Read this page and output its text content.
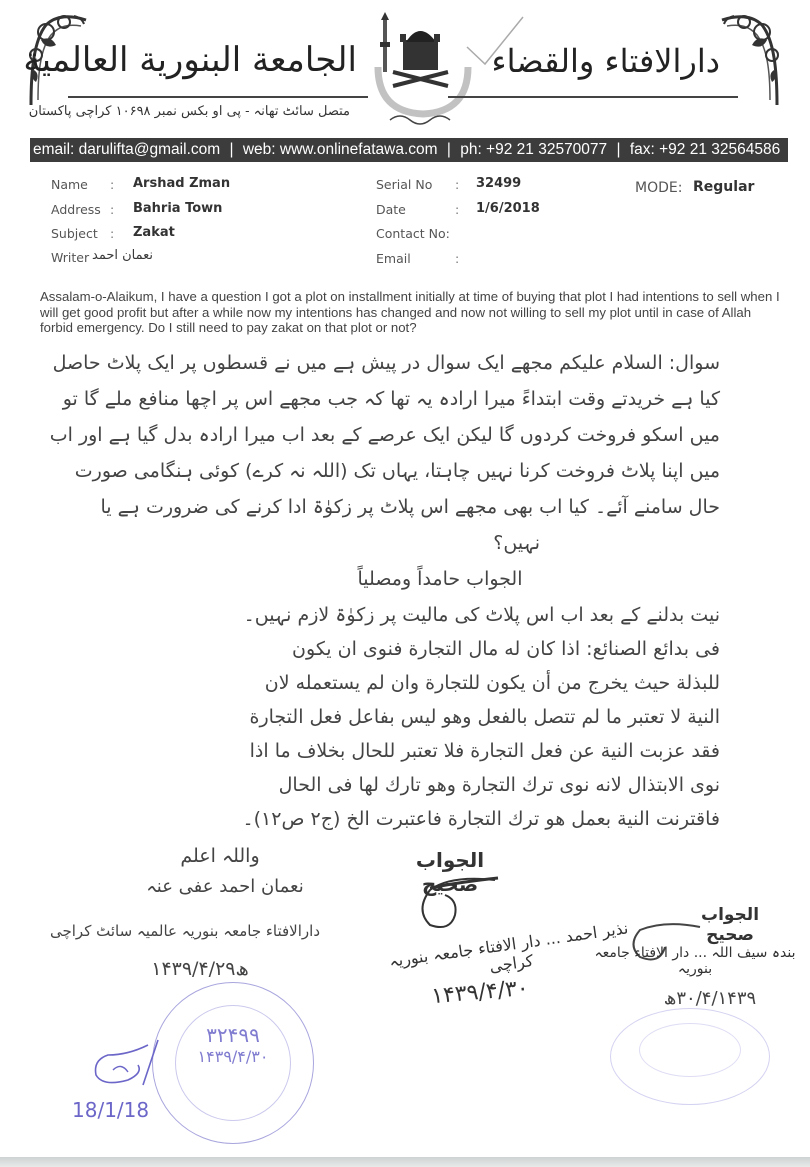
الجامعة البنورية العالمية
متصل سائٹ تھانہ - پی او بکس نمبر ۱۰۶۹۸ کراچی پاکستان
دارالافتاء والقضاء
email: darulifta@gmail.com | web: www.onlinefatawa.com | ph: +92 21 32570077 | fax: +92 21 32564586
Name : Arshad Zman
Address : Bahria Town
Subject : Zakat
Writer نعمان احمد
Serial No : 32499
Date	: 1/6/2018
Contact No:
Email	:
MODE: Regular
Assalam-o-Alaikum, I have a question I got a plot on installment initially at time of buying that plot I had intentions to sell when I will get good profit but after a while now my intentions has changed and now not willing to sell my plot until in case of Allah forbid emergency. Do I still need to pay zakat on that plot or not?
سوال: السلام علیکم مجھے ایک سوال در پیش ہے میں نے قسطوں پر ایک پلاٹ حاصل
کیا ہے خریدتے وقت ابتداءً میرا ارادہ یہ تھا کہ جب مجھے اس پر اچھا منافع ملے گا تو
میں اسکو فروخت کردوں گا لیکن ایک عرصے کے بعد اب میرا ارادہ بدل گیا ہے اور اب
میں اپنا پلاٹ فروخت کرنا نہیں چاہتا، یہاں تک (اللہ نہ کرے) کوئی ہنگامی صورت
حال سامنے آئے۔ کیا اب بھی مجھے اس پلاٹ پر زکوٰۃ ادا کرنے کی ضرورت ہے یا
نہیں؟
الجواب حامداً ومصلیاً
نیت بدلنے کے بعد اب اس پلاٹ کی مالیت پر زکوٰۃ لازم نہیں۔
فی بدائع الصنائع: اذا کان له مال التجارة فنوى ان یکون
للبذلة حیث یخرج من أن یکون للتجارة وان لم یستعمله لان
النیة لا تعتبر ما لم تتصل بالفعل وهو لیس بفاعل فعل التجارة
فقد عزبت النیة عن فعل التجارة فلا تعتبر للحال بخلاف ما اذا
نوى الابتذال لانه نوى ترك التجارة وهو تارك لها فی الحال
فاقترنت النیة بعمل هو ترك التجارة فاعتبرت الخ (ج٢ ص١٢)۔
واللہ اعلم
نعمان احمد عفی عنہ
دارالافتاء جامعہ بنوریہ عالمیہ سائٹ کراچی
۱۴۳۹/۴/۲۹ھ
الجواب صحیح
نذیر احمد ... دار الافتاء جامعہ بنوریہ کراچی
۱۴۳۹/۴/۳۰
الجواب صحیح
بندہ سیف اللہ ... دار الافتاء جامعہ بنوریہ
۳۰/۴/۱۴۳۹ھ
۳۲۴۹۹
۱۴۳۹/۴/۳۰
18/1/18
